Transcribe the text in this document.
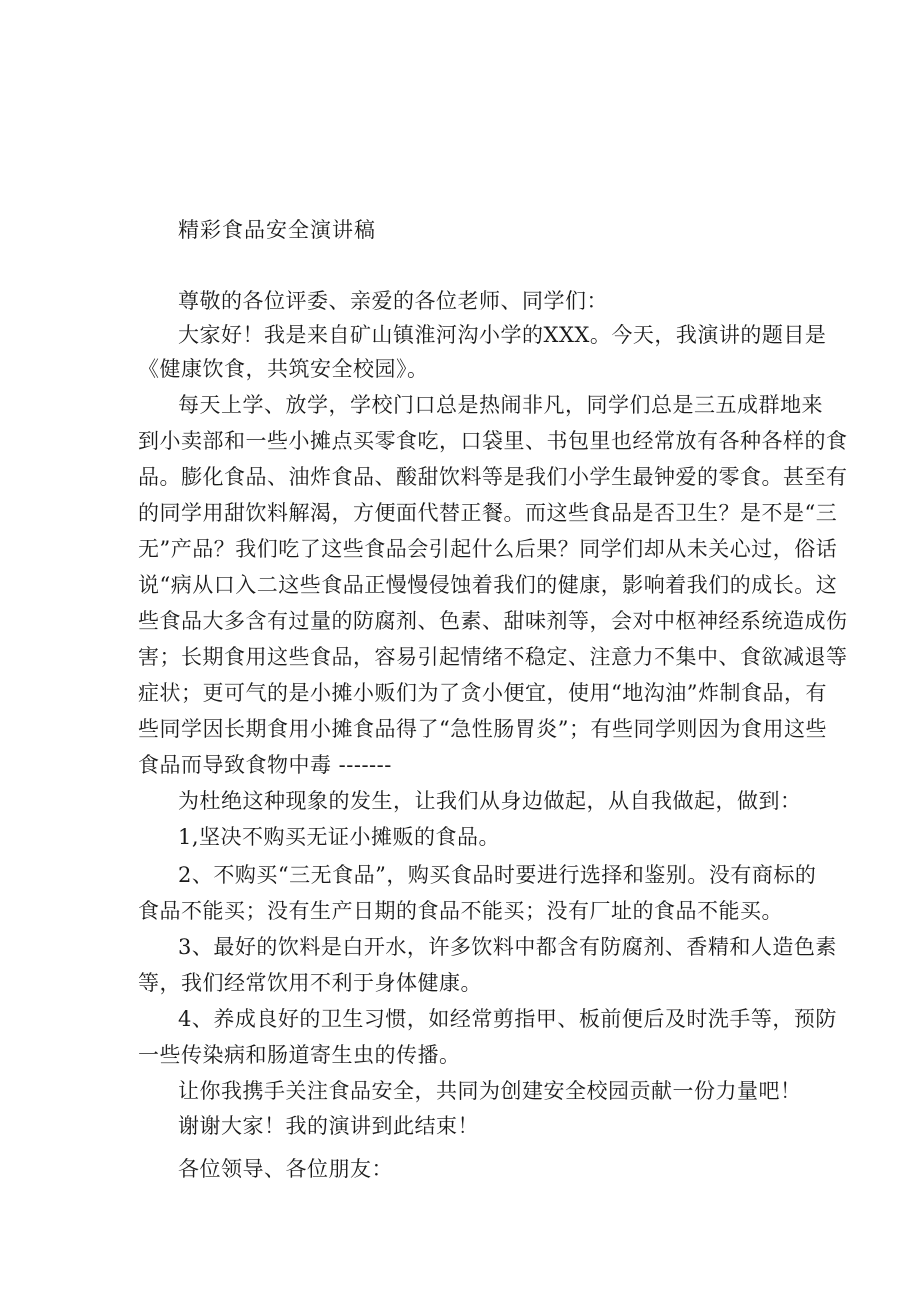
精彩食品安全演讲稿
尊敬的各位评委、亲爱的各位老师、同学们：
大家好！我是来自矿山镇淮河沟小学的XXX。今天，我演讲的题目是
《健康饮食，共筑安全校园》。
每天上学、放学，学校门口总是热闹非凡，同学们总是三五成群地来
到小卖部和一些小摊点买零食吃，口袋里、书包里也经常放有各种各样的食
品。膨化食品、油炸食品、酸甜饮料等是我们小学生最钟爱的零食。甚至有
的同学用甜饮料解渴，方便面代替正餐。而这些食品是否卫生？是不是“三
无”产品？我们吃了这些食品会引起什么后果？同学们却从未关心过，俗话
说“病从口入二这些食品正慢慢侵蚀着我们的健康，影响着我们的成长。这
些食品大多含有过量的防腐剂、色素、甜味剂等，会对中枢神经系统造成伤
害；长期食用这些食品，容易引起情绪不稳定、注意力不集中、食欲减退等
症状；更可气的是小摊小贩们为了贪小便宜，使用“地沟油”炸制食品，有
些同学因长期食用小摊食品得了“急性肠胃炎”；有些同学则因为食用这些
食品而导致食物中毒 -------
为杜绝这种现象的发生，让我们从身边做起，从自我做起，做到：
1,坚决不购买无证小摊贩的食品。
2、不购买“三无食品”，购买食品时要进行选择和鉴别。没有商标的
食品不能买；没有生产日期的食品不能买；没有厂址的食品不能买。
3、最好的饮料是白开水，许多饮料中都含有防腐剂、香精和人造色素
等，我们经常饮用不利于身体健康。
4、养成良好的卫生习惯，如经常剪指甲、板前便后及时洗手等，预防
一些传染病和肠道寄生虫的传播。
让你我携手关注食品安全，共同为创建安全校园贡献一份力量吧！
谢谢大家！我的演讲到此结束！
各位领导、各位朋友：
